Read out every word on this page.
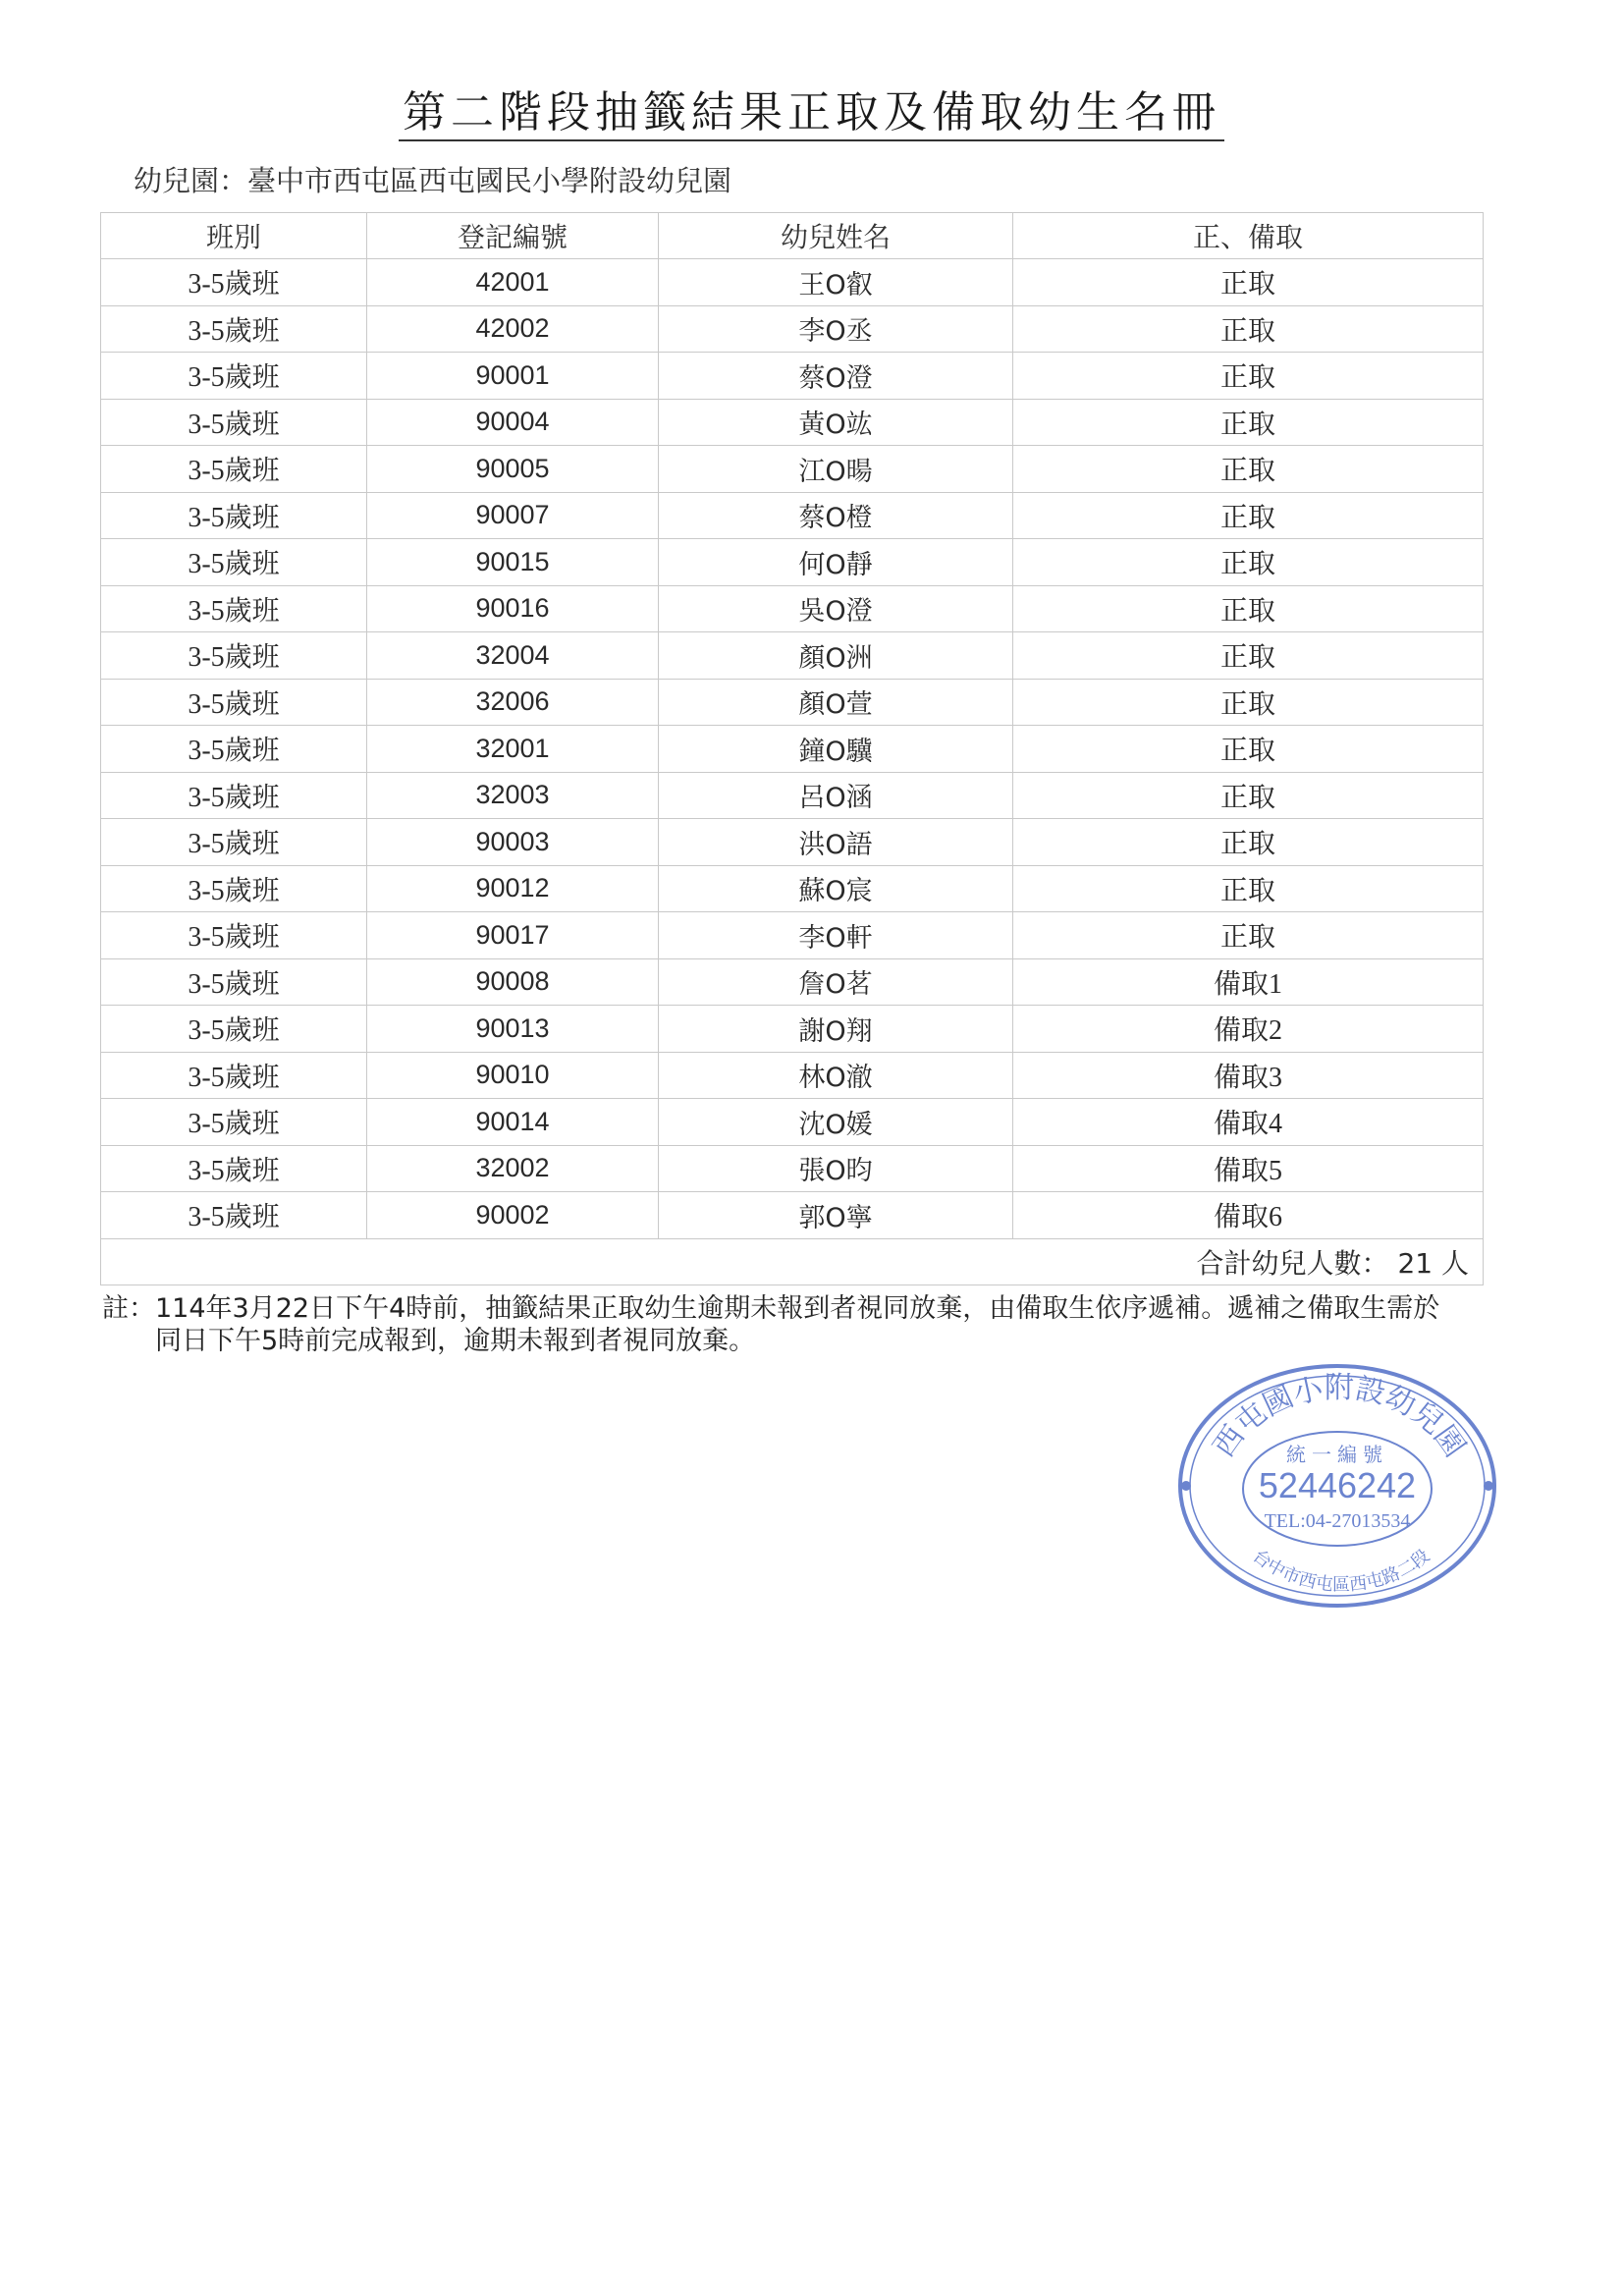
第二階段抽籤結果正取及備取幼生名冊
幼兒園：臺中市西屯區西屯國民小學附設幼兒園
班別	登記編號	幼兒姓名	正、備取
3-5歲班	42001	王O叡	正取
3-5歲班	42002	李O丞	正取
3-5歲班	90001	蔡O澄	正取
3-5歲班	90004	黃O竑	正取
3-5歲班	90005	江O暘	正取
3-5歲班	90007	蔡O橙	正取
3-5歲班	90015	何O靜	正取
3-5歲班	90016	吳O澄	正取
3-5歲班	32004	顏O洲	正取
3-5歲班	32006	顏O萱	正取
3-5歲班	32001	鐘O驥	正取
3-5歲班	32003	呂O涵	正取
3-5歲班	90003	洪O語	正取
3-5歲班	90012	蘇O宸	正取
3-5歲班	90017	李O軒	正取
3-5歲班	90008	詹O茗	備取1
3-5歲班	90013	謝O翔	備取2
3-5歲班	90010	林O澈	備取3
3-5歲班	90014	沈O媛	備取4
3-5歲班	32002	張O昀	備取5
3-5歲班	90002	郭O寧	備取6
合計幼兒人數： 21 人			
註：114年3月22日下午4時前，抽籤結果正取幼生逾期未報到者視同放棄，由備取生依序遞補。遞補之備取生需於
同日下午5時前完成報到，逾期未報到者視同放棄。
西屯國小附設幼兒園
台中市西屯區西屯路二段
統一編號
52446242
TEL:04-27013534
